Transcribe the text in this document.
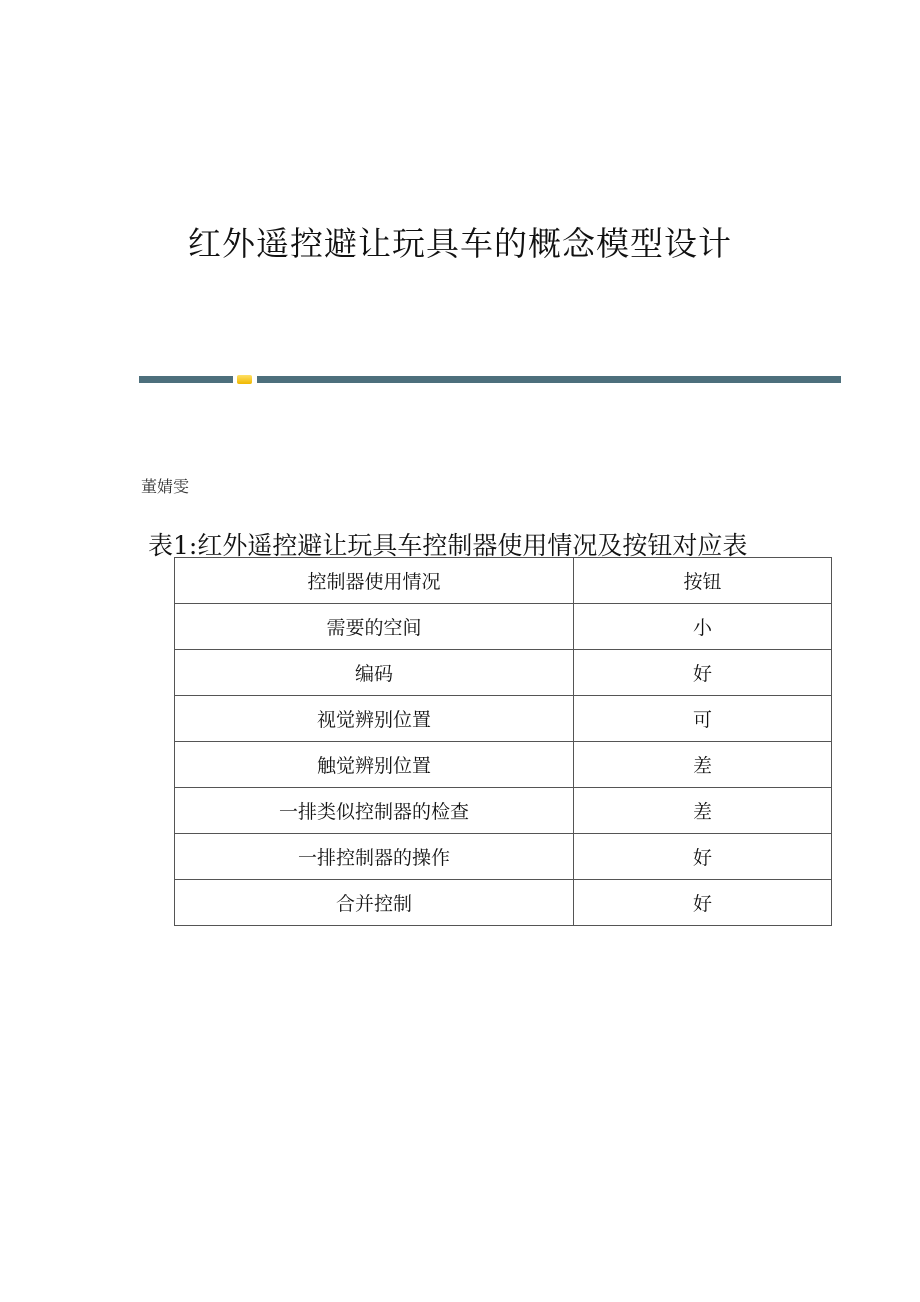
红外遥控避让玩具车的概念模型设计
董婧雯
表1:红外遥控避让玩具车控制器使用情况及按钮对应表
控制器使用情况	按钮
需要的空间	小
编码	好
视觉辨别位置	可
触觉辨别位置	差
一排类似控制器的检查	差
一排控制器的操作	好
合并控制	好
